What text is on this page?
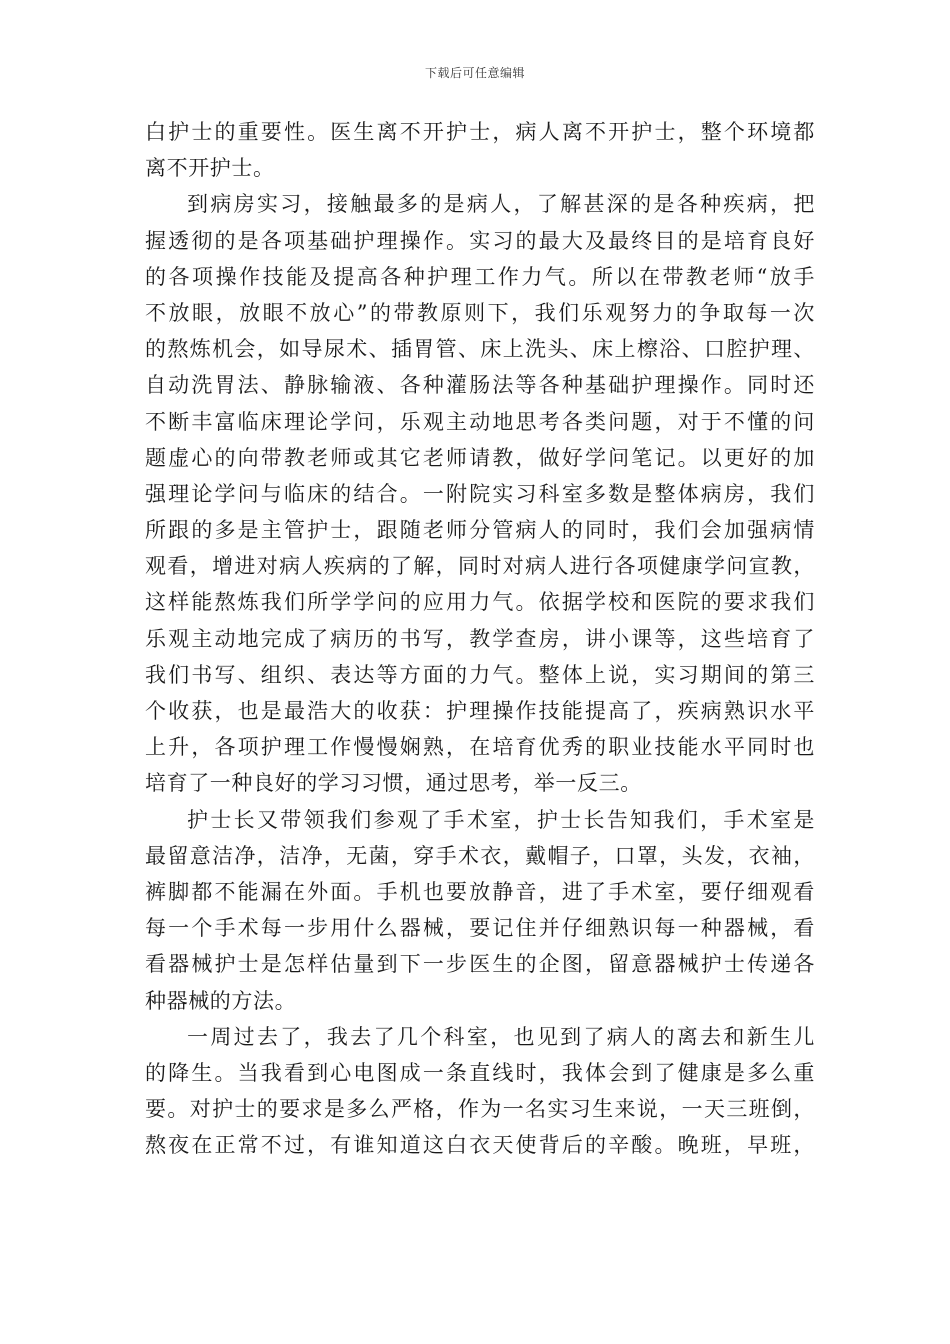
下载后可任意编辑
白护士的重要性。医生离不开护士，病人离不开护士，整个环境都
离不开护士。
到病房实习，接触最多的是病人，了解甚深的是各种疾病，把
握透彻的是各项基础护理操作。实习的最大及最终目的是培育良好
的各项操作技能及提高各种护理工作力气。所以在带教老师“放手
不放眼，放眼不放心”的带教原则下，我们乐观努力的争取每一次
的熬炼机会，如导尿术、插胃管、床上洗头、床上檫浴、口腔护理、
自动洗胃法、静脉输液、各种灌肠法等各种基础护理操作。同时还
不断丰富临床理论学问，乐观主动地思考各类问题，对于不懂的问
题虚心的向带教老师或其它老师请教，做好学问笔记。以更好的加
强理论学问与临床的结合。一附院实习科室多数是整体病房，我们
所跟的多是主管护士，跟随老师分管病人的同时，我们会加强病情
观看，增进对病人疾病的了解，同时对病人进行各项健康学问宣教，
这样能熬炼我们所学学问的应用力气。依据学校和医院的要求我们
乐观主动地完成了病历的书写，教学查房，讲小课等，这些培育了
我们书写、组织、表达等方面的力气。整体上说，实习期间的第三
个收获，也是最浩大的收获：护理操作技能提高了，疾病熟识水平
上升，各项护理工作慢慢娴熟，在培育优秀的职业技能水平同时也
培育了一种良好的学习习惯，通过思考，举一反三。
护士长又带领我们参观了手术室，护士长告知我们，手术室是
最留意洁净，洁净，无菌，穿手术衣，戴帽子，口罩，头发，衣袖，
裤脚都不能漏在外面。手机也要放静音，进了手术室，要仔细观看
每一个手术每一步用什么器械，要记住并仔细熟识每一种器械，看
看器械护士是怎样估量到下一步医生的企图，留意器械护士传递各
种器械的方法。
一周过去了，我去了几个科室，也见到了病人的离去和新生儿
的降生。当我看到心电图成一条直线时，我体会到了健康是多么重
要。对护士的要求是多么严格，作为一名实习生来说，一天三班倒，
熬夜在正常不过，有谁知道这白衣天使背后的辛酸。晚班，早班，
